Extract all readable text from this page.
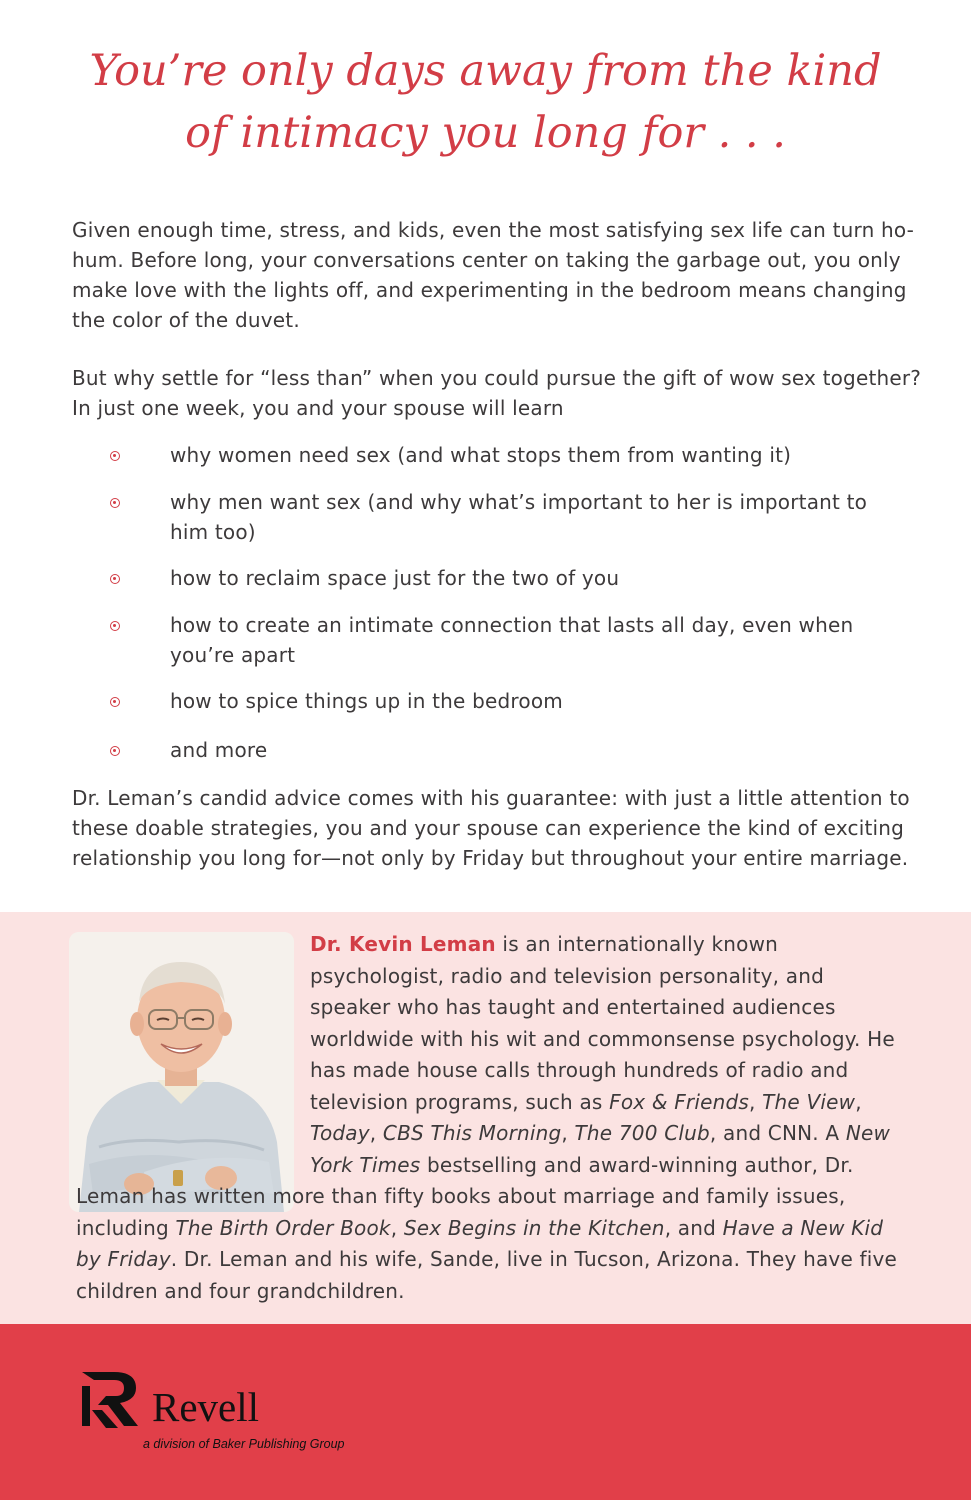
You’re only days away from the kind
of intimacy you long for . . .
Given enough time, stress, and kids, even the most satisfying sex life can turn ho-hum. Before long, your conversations center on taking the garbage out, you only make love with the lights off, and experimenting in the bedroom means changing the color of the duvet.
But why settle for “less than” when you could pursue the gift of wow sex together? In just one week, you and your spouse will learn
why women need sex (and what stops them from wanting it)
why men want sex (and why what’s important to her is important to him too)
how to reclaim space just for the two of you
how to create an intimate connection that lasts all day, even when you’re apart
how to spice things up in the bedroom
and more
Dr. Leman’s candid advice comes with his guarantee: with just a little attention to these doable strategies, you and your spouse can experience the kind of exciting relationship you long for—not only by Friday but throughout your entire marriage.
Dr. Kevin Leman is an internationally known psychologist, radio and television personality, and speaker who has taught and entertained audiences worldwide with his wit and commonsense psychology. He has made house calls through hundreds of radio and television programs, such as Fox & Friends, The View, Today, CBS This Morning, The 700 Club, and CNN. A New York Times bestselling and award-winning author, Dr. Leman has written more than fifty books about marriage and family issues, including The Birth Order Book, Sex Begins in the Kitchen, and Have a New Kid by Friday. Dr. Leman and his wife, Sande, live in Tucson, Arizona. They have five children and four grandchildren.
Revell
a division of Baker Publishing Group
